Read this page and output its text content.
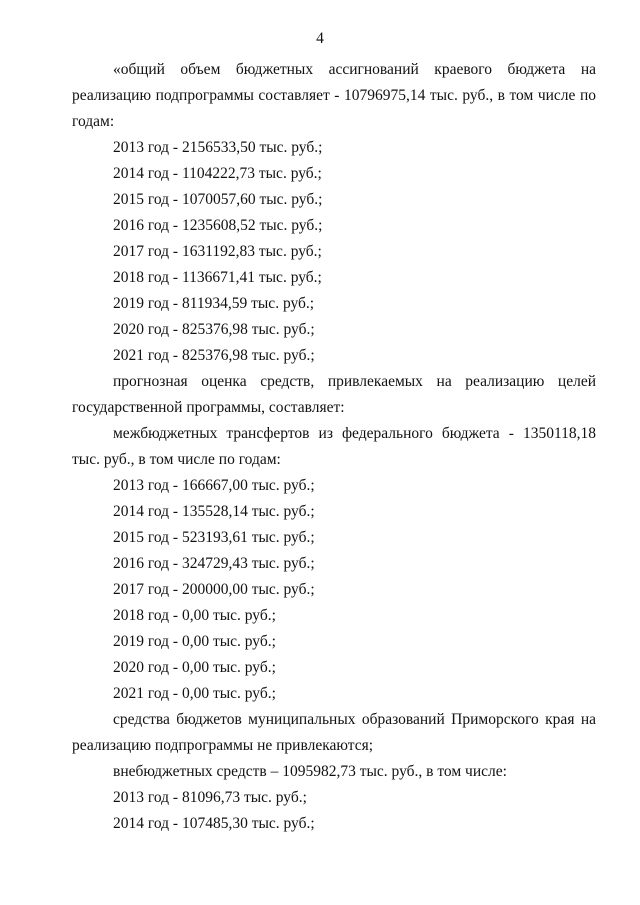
4
«общий объем бюджетных ассигнований краевого бюджета на
реализацию подпрограммы составляет - 10796975,14 тыс. руб., в том числе по
годам:
2013 год - 2156533,50 тыс. руб.;
2014 год - 1104222,73 тыс. руб.;
2015 год - 1070057,60 тыс. руб.;
2016 год - 1235608,52 тыс. руб.;
2017 год - 1631192,83 тыс. руб.;
2018 год - 1136671,41 тыс. руб.;
2019 год - 811934,59 тыс. руб.;
2020 год - 825376,98 тыс. руб.;
2021 год - 825376,98 тыс. руб.;
прогнозная оценка средств, привлекаемых на реализацию целей
государственной программы, составляет:
межбюджетных трансфертов из федерального бюджета - 1350118,18
тыс. руб., в том числе по годам:
2013 год - 166667,00 тыс. руб.;
2014 год - 135528,14 тыс. руб.;
2015 год - 523193,61 тыс. руб.;
2016 год - 324729,43 тыс. руб.;
2017 год - 200000,00 тыс. руб.;
2018 год - 0,00 тыс. руб.;
2019 год - 0,00 тыс. руб.;
2020 год - 0,00 тыс. руб.;
2021 год - 0,00 тыс. руб.;
средства бюджетов муниципальных образований Приморского края на
реализацию подпрограммы не привлекаются;
внебюджетных средств – 1095982,73 тыс. руб., в том числе:
2013 год - 81096,73 тыс. руб.;
2014 год - 107485,30 тыс. руб.;
